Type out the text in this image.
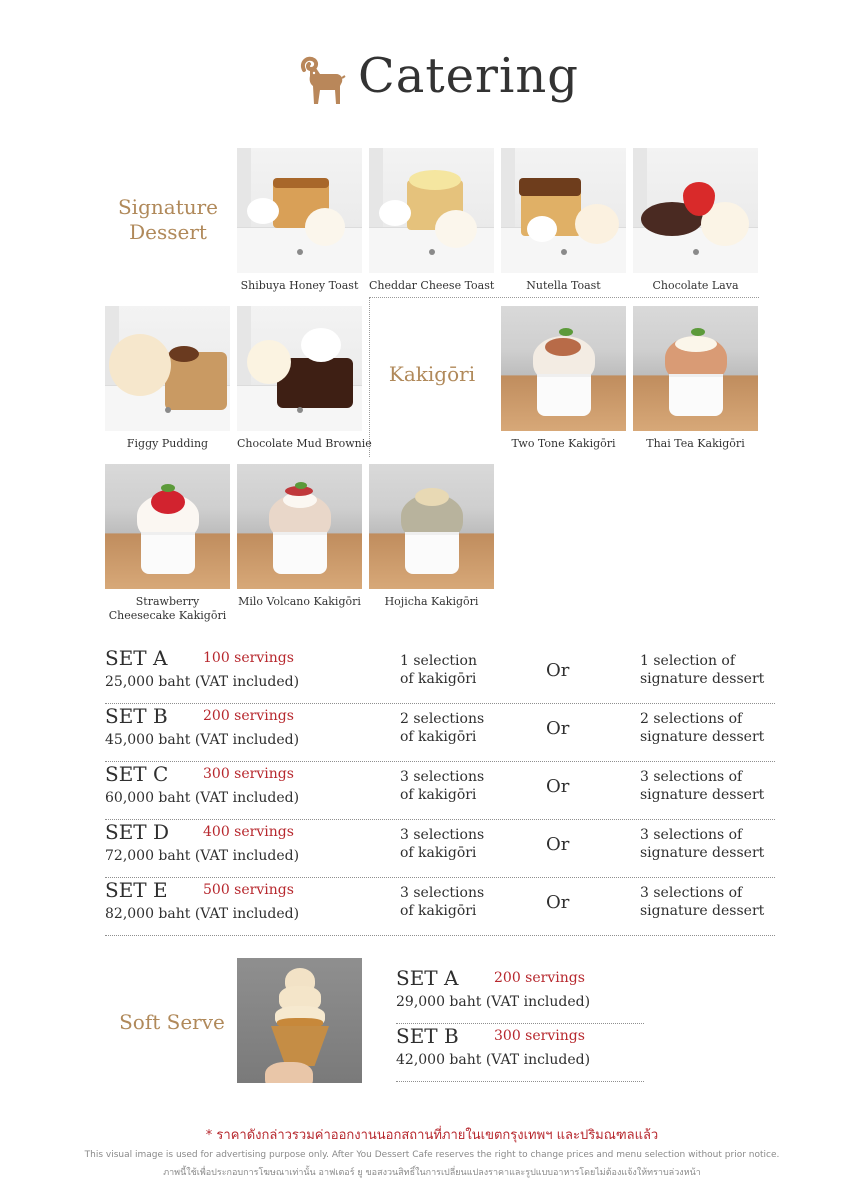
Catering
Signature
Dessert
Shibuya Honey Toast Cheddar Cheese Toast	Nutella Toast	Chocolate Lava
Figgy Pudding	Chocolate Mud Brownie
Kakigōri
Two Tone Kakigōri	Thai Tea Kakigōri
Strawberry Cheesecake Kakigōri
Milo Volcano Kakigōri	Hojicha Kakigōri
SET A	100 servings
25,000 baht (VAT included)
1 selection
of kakigōri	Or	1 selection of
signature dessert
SET B	200 servings
45,000 baht (VAT included)
2 selections
of kakigōri	Or	2 selections of
signature dessert
SET C 300 servings
60,000 baht (VAT included)
3 selections
of kakigōri	Or	3 selections of
signature dessert
SET D 400 servings
72,000 baht (VAT included)
3 selections
of kakigōri	Or	3 selections of
signature dessert
SET E	500 servings
82,000 baht (VAT included)
3 selections
of kakigōri	Or	3 selections of
signature dessert
Soft Serve
SET A	200 servings
29,000 baht (VAT included)
SET B	300 servings
42,000 baht (VAT included)
* ราคาดังกล่าวรวมค่าออกงานนอกสถานที่ภายในเขตกรุงเทพฯ และปริมณฑลแล้ว
This visual image is used for advertising purpose only. After You Dessert Cafe reserves the right to change prices and menu selection without prior notice.
ภาพนี้ใช้เพื่อประกอบการโฆษณาเท่านั้น อาฟเตอร์ ยู ขอสงวนสิทธิ์ในการเปลี่ยนแปลงราคาและรูปแบบอาหารโดยไม่ต้องแจ้งให้ทราบล่วงหน้า
